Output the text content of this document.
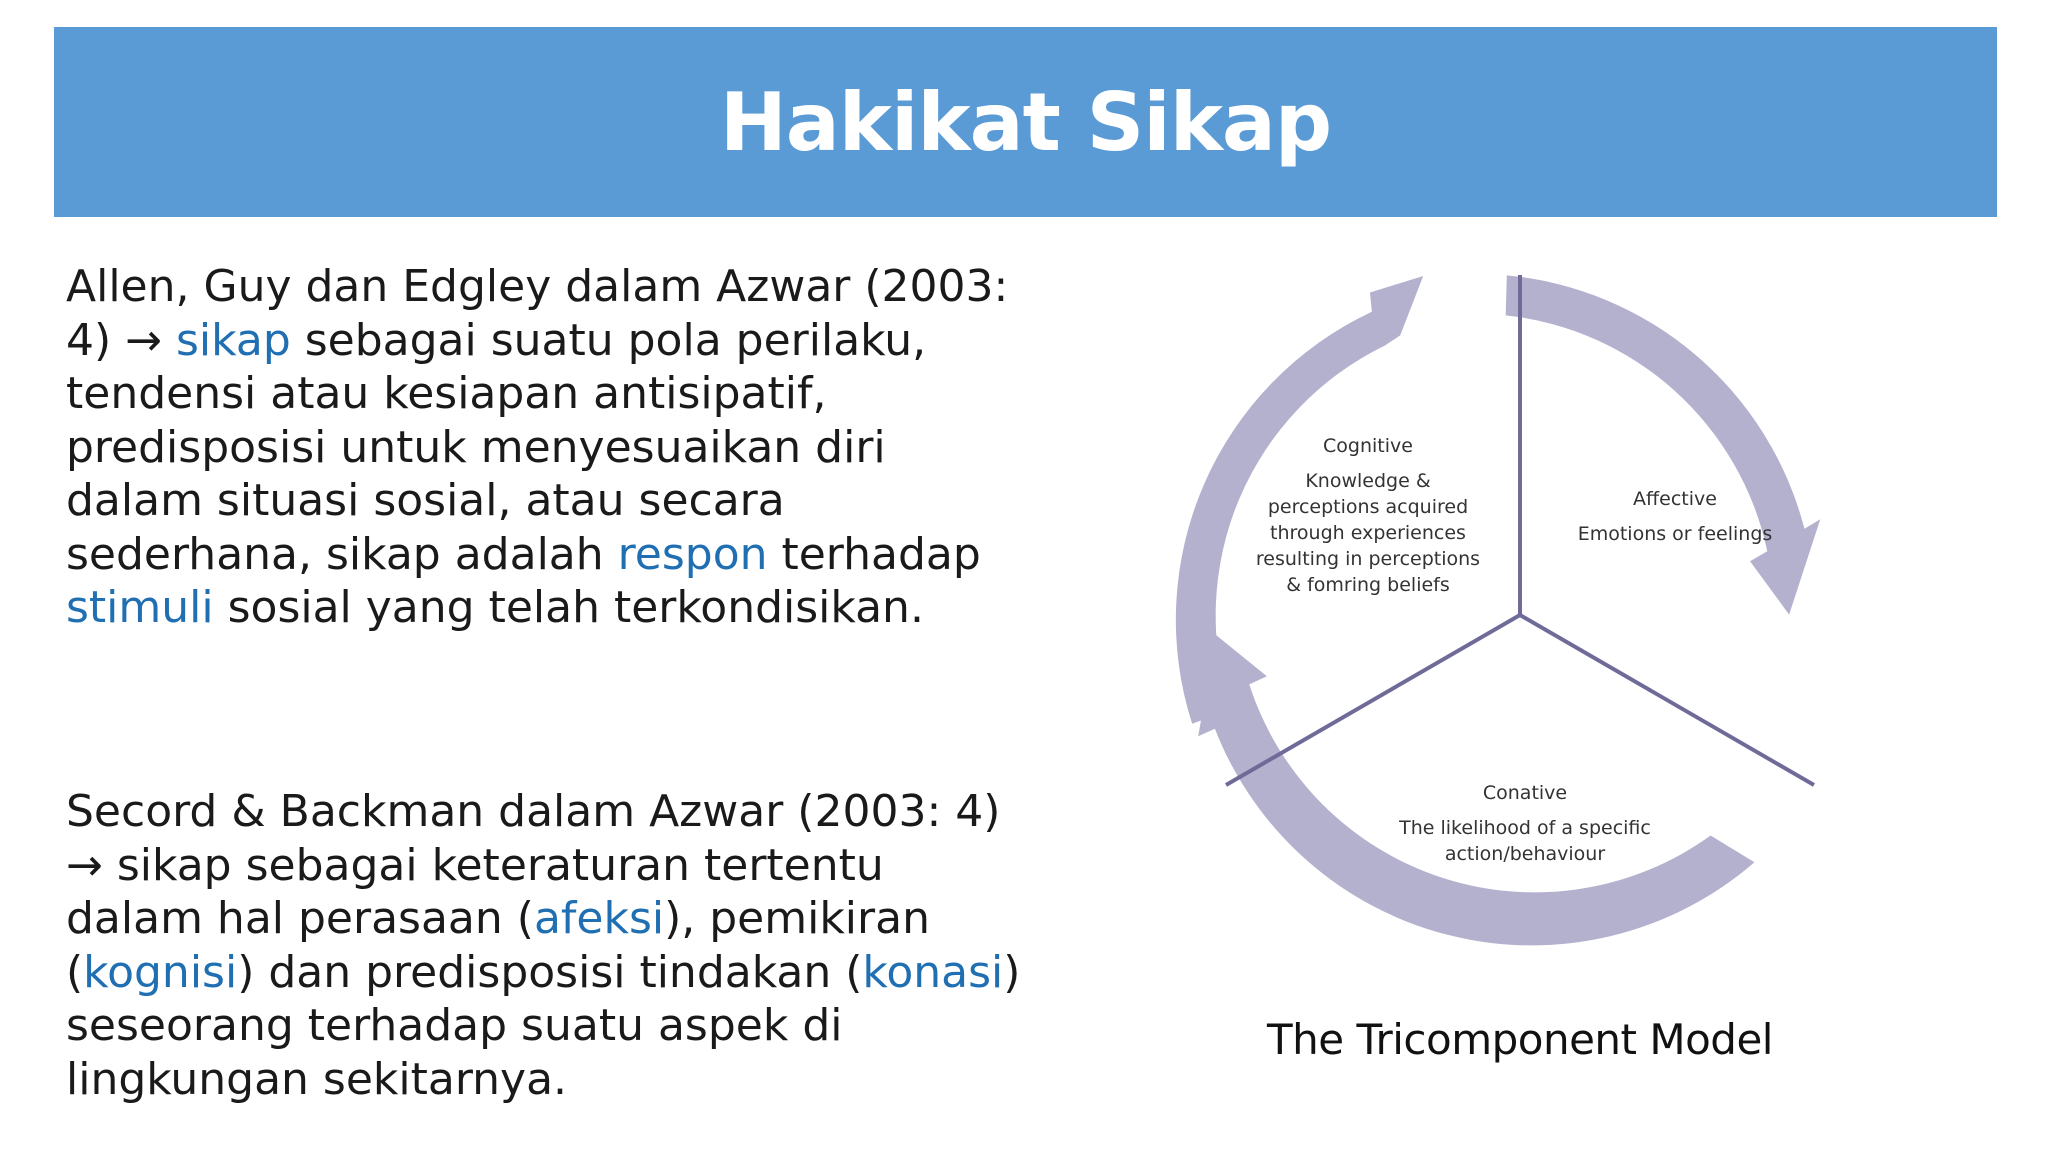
Hakikat Sikap

Allen, Guy dan Edgley dalam Azwar (2003: 4) → sikap sebagai suatu pola perilaku, tendensi atau kesiapan antisipatif, predisposisi untuk menyesuaikan diri dalam situasi sosial, atau secara sederhana, sikap adalah respon terhadap stimuli sosial yang telah terkondisikan.

Secord & Backman dalam Azwar (2003: 4) → sikap sebagai keteraturan tertentu dalam hal perasaan (afeksi), pemikiran (kognisi) dan predisposisi tindakan (konasi) seseorang terhadap suatu aspek di lingkungan sekitarnya.

Cognitive
Knowledge &
perceptions acquired
through experiences
resulting in perceptions
& fomring beliefs
Affective
Emotions or feelings
Conative
The likelihood of a specific
action/behaviour
The Tricomponent Model
